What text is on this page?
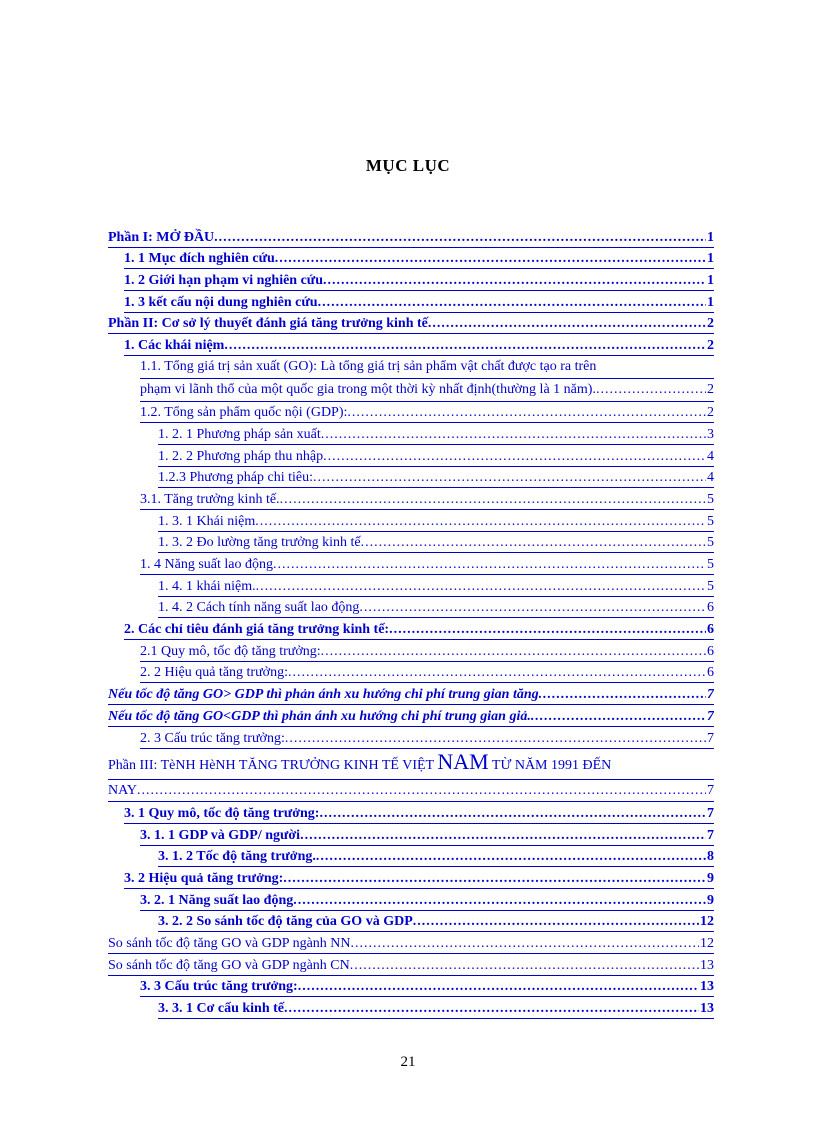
MỤC LỤC
Phần I: MỞ ĐẦU .....	1
1. 1 Mục đích nghiên cứu .....	1
1. 2 Giới hạn phạm vi nghiên cứu .....	1
1. 3 kết cấu nội dung nghiên cứu .....	1
Phần II: Cơ sở lý thuyết đánh giá tăng trưởng kinh tế .....	2
1. Các khái niệm .....	2
1.1. Tổng giá trị sản xuất (GO): Là tổng giá trị sản phẩm vật chất được tạo ra trên
phạm vi lãnh thổ của một quốc gia trong một thời kỳ nhất định(thường là 1 năm). .....	2
1.2. Tổng sản phẩm quốc nội (GDP): .....	2
1. 2. 1 Phương pháp sản xuất .....	3
1. 2. 2 Phương pháp thu nhập .....	4
1.2.3 Phương pháp chi tiêu: .....	4
3.1. Tăng trưởng kinh tế. .....	5
1. 3. 1 Khái niệm .....	5
1. 3. 2 Đo lường tăng trưởng kinh tế .....	5
1. 4 Năng suất lao động .....	5
1. 4. 1 khái niệm. .....	5
1. 4. 2 Cách tính năng suất lao động .....	6
2. Các chỉ tiêu đánh giá tăng trưởng kinh tế: .....	6
2.1 Quy mô, tốc độ tăng trưởng: .....	6
2. 2 Hiệu quả tăng trưởng: .....	6
Nếu tốc độ tăng GO> GDP thì phản ánh xu hướng chi phí trung gian tăng .....	7
Nếu tốc độ tăng GO<GDP thì phản ánh xu hướng chi phí trung gian giả. .....	7
2. 3 Cấu trúc tăng trưởng: .....	7
Phần III: TèNH HèNH TĂNG TRƯỞNG KINH TẾ VIỆT NAM TỪ NĂM 1991 ĐẾN
NAY .....	7
3. 1 Quy mô, tốc độ tăng trưởng: .....	7
3. 1. 1 GDP và GDP/ người .....	7
3. 1. 2 Tốc độ tăng trưởng. .....	8
3. 2 Hiệu quả tăng trưởng: .....	9
3. 2. 1 Năng suất lao động .....	9
3. 2. 2 So sánh tốc độ tăng của GO và GDP .....	12
So sánh tốc độ tăng GO và GDP ngành NN .....	12
So sánh tốc độ tăng GO và GDP ngành CN .....	13
3. 3 Cấu trúc tăng trưởng: .....	13
3. 3. 1 Cơ cấu kinh tế .....	13
21
